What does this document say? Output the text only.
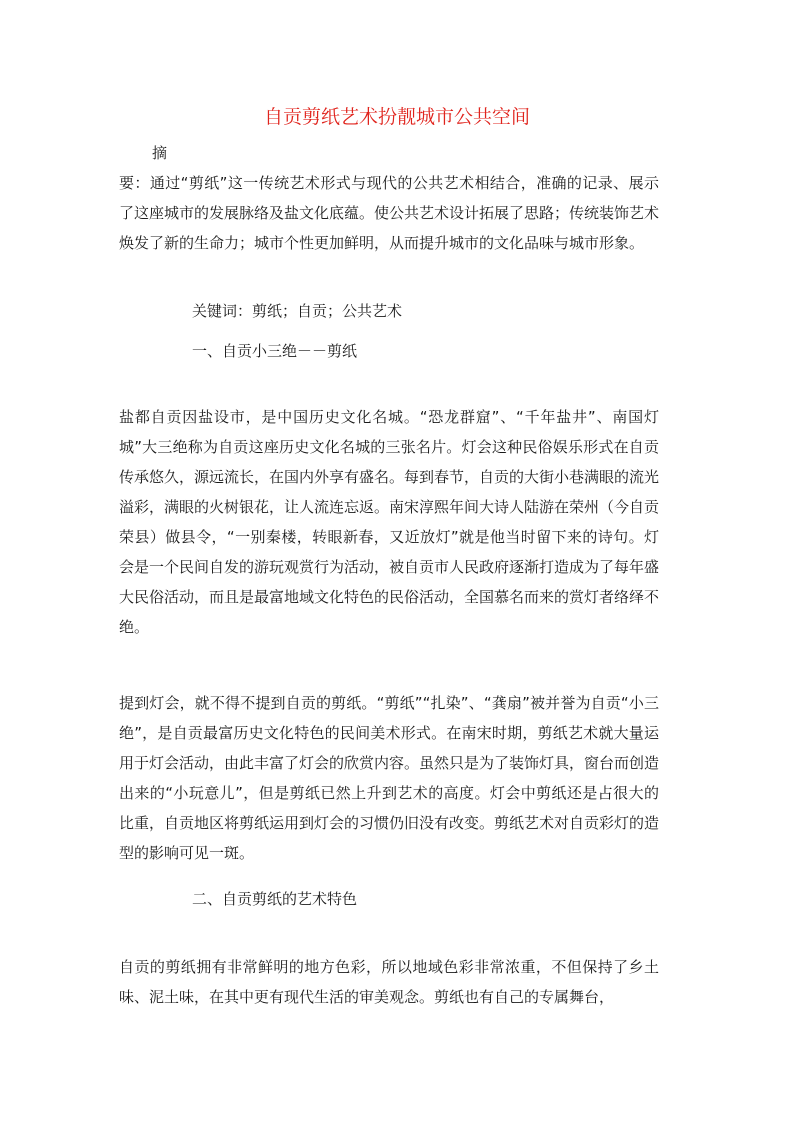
自贡剪纸艺术扮靓城市公共空间
摘
要：通过“剪纸”这一传统艺术形式与现代的公共艺术相结合，准确的记录、展示了这座城市的发展脉络及盐文化底蕴。使公共艺术设计拓展了思路；传统装饰艺术焕发了新的生命力；城市个性更加鲜明，从而提升城市的文化品味与城市形象。
关键词：剪纸；自贡；公共艺术
一、自贡小三绝－－剪纸
盐都自贡因盐设市，是中国历史文化名城。“恐龙群窟”、“千年盐井”、南国灯城”大三绝称为自贡这座历史文化名城的三张名片。灯会这种民俗娱乐形式在自贡传承悠久，源远流长，在国内外享有盛名。每到春节，自贡的大街小巷满眼的流光溢彩，满眼的火树银花，让人流连忘返。南宋淳熙年间大诗人陆游在荣州（今自贡荣县）做县令，“一别秦楼，转眼新春，又近放灯”就是他当时留下来的诗句。灯会是一个民间自发的游玩观赏行为活动，被自贡市人民政府逐渐打造成为了每年盛大民俗活动，而且是最富地域文化特色的民俗活动，全国慕名而来的赏灯者络绎不绝。
提到灯会，就不得不提到自贡的剪纸。“剪纸”“扎染”、“龚扇”被并誉为自贡“小三绝”，是自贡最富历史文化特色的民间美术形式。在南宋时期，剪纸艺术就大量运用于灯会活动，由此丰富了灯会的欣赏内容。虽然只是为了装饰灯具，窗台而创造出来的“小玩意儿”，但是剪纸已然上升到艺术的高度。灯会中剪纸还是占很大的比重，自贡地区将剪纸运用到灯会的习惯仍旧没有改变。剪纸艺术对自贡彩灯的造型的影响可见一斑。
二、自贡剪纸的艺术特色
自贡的剪纸拥有非常鲜明的地方色彩，所以地域色彩非常浓重，不但保持了乡土味、泥土味，在其中更有现代生活的审美观念。剪纸也有自己的专属舞台，
